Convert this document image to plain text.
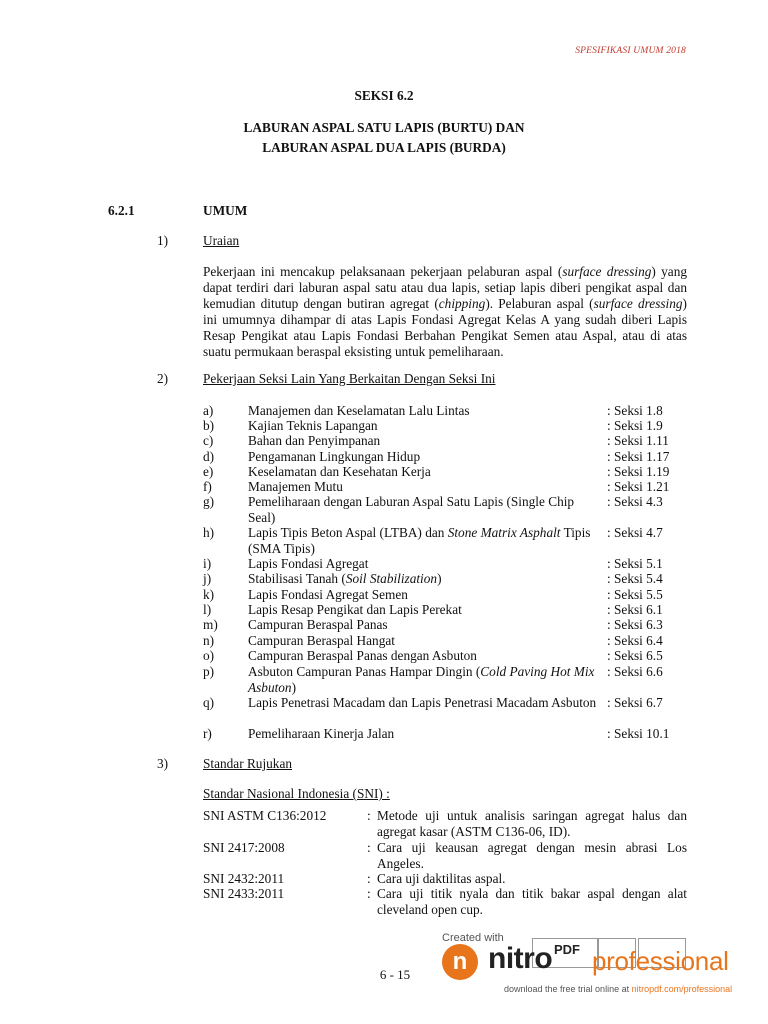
SPESIFIKASI UMUM 2018
SEKSI 6.2
LABURAN ASPAL SATU LAPIS (BURTU) DAN
LABURAN ASPAL DUA LAPIS (BURDA)
6.2.1	UMUM
1)	Uraian
Pekerjaan ini mencakup pelaksanaan pekerjaan pelaburan aspal (surface dressing) yang dapat terdiri dari laburan aspal satu atau dua lapis, setiap lapis diberi pengikat aspal dan kemudian ditutup dengan butiran agregat (chipping). Pelaburan aspal (surface dressing) ini umumnya dihampar di atas Lapis Fondasi Agregat Kelas A yang sudah diberi Lapis Resap Pengikat atau Lapis Fondasi Berbahan Pengikat Semen atau Aspal, atau di atas suatu permukaan beraspal eksisting untuk pemeliharaan.
2)	Pekerjaan Seksi Lain Yang Berkaitan Dengan Seksi Ini
a)	Manajemen dan Keselamatan Lalu Lintas	: Seksi 1.8
b)	Kajian Teknis Lapangan	: Seksi 1.9
c)	Bahan dan Penyimpanan	: Seksi 1.11
d)	Pengamanan Lingkungan Hidup	: Seksi 1.17
e)	Keselamatan dan Kesehatan Kerja	: Seksi 1.19
f)	Manajemen Mutu	: Seksi 1.21
g)	Pemeliharaan dengan Laburan Aspal Satu Lapis (Single Chip Seal)
: Seksi 4.3
h)	Lapis Tipis Beton Aspal (LTBA) dan Stone Matrix Asphalt Tipis (SMA Tipis)
: Seksi 4.7
i)	Lapis Fondasi Agregat	: Seksi 5.1
j)	Stabilisasi Tanah (Soil Stabilization)	: Seksi 5.4
k)	Lapis Fondasi Agregat Semen	: Seksi 5.5
l)	Lapis Resap Pengikat dan Lapis Perekat	: Seksi 6.1
m) Campuran Beraspal Panas	: Seksi 6.3
n)	Campuran Beraspal Hangat	: Seksi 6.4
o)	Campuran Beraspal Panas dengan Asbuton	: Seksi 6.5
p)	Asbuton Campuran Panas Hampar Dingin (Cold Paving Hot Mix Asbuton)
: Seksi 6.6
q)	Lapis Penetrasi Macadam dan Lapis Penetrasi Macadam Asbuton : Seksi 6.7
r)	Pemeliharaan Kinerja Jalan	: Seksi 10.1
3)	Standar Rujukan
Standar Nasional Indonesia (SNI) :
SNI ASTM C136:2012	: Metode uji untuk analisis saringan agregat halus dan agregat kasar (ASTM C136-06, ID).
SNI 2417:2008	: Cara uji keausan agregat dengan mesin abrasi Los Angeles.
SNI 2432:2011	: Cara uji daktilitas aspal.
SNI 2433:2011	: Cara uji titik nyala dan titik bakar aspal dengan alat cleveland open cup.
6 - 15
Created with
n nitro PDF professional
download the free trial online at nitropdf.com/professional
